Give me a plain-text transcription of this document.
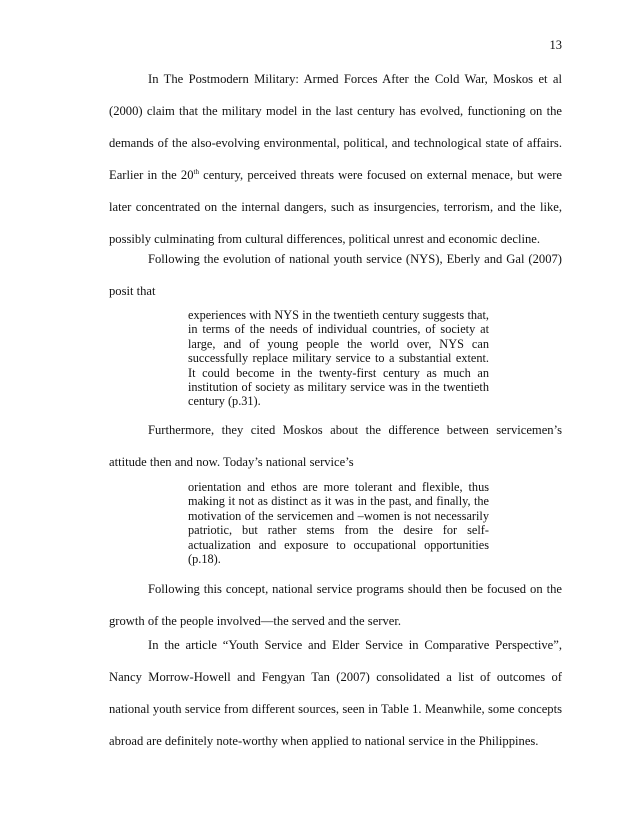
13

In The Postmodern Military: Armed Forces After the Cold War, Moskos et al (2000) claim that the military model in the last century has evolved, functioning on the demands of the also-evolving environmental, political, and technological state of affairs. Earlier in the 20th century, perceived threats were focused on external menace, but were later concentrated on the internal dangers, such as insurgencies, terrorism, and the like, possibly culminating from cultural differences, political unrest and economic decline.

Following the evolution of national youth service (NYS), Eberly and Gal (2007) posit that

experiences with NYS in the twentieth century suggests that, in terms of the needs of individual countries, of society at large, and of young people the world over, NYS can successfully replace military service to a substantial extent. It could become in the twenty-first century as much an institution of society as military service was in the twentieth century (p.31).

Furthermore, they cited Moskos about the difference between servicemen’s attitude then and now. Today’s national service’s

orientation and ethos are more tolerant and flexible, thus making it not as distinct as it was in the past, and finally, the motivation of the servicemen and –women is not necessarily patriotic, but rather stems from the desire for self-actualization and exposure to occupational opportunities (p.18).

Following this concept, national service programs should then be focused on the growth of the people involved—the served and the server.

In the article “Youth Service and Elder Service in Comparative Perspective”, Nancy Morrow-Howell and Fengyan Tan (2007) consolidated a list of outcomes of national youth service from different sources, seen in Table 1. Meanwhile, some concepts abroad are definitely note-worthy when applied to national service in the Philippines.
